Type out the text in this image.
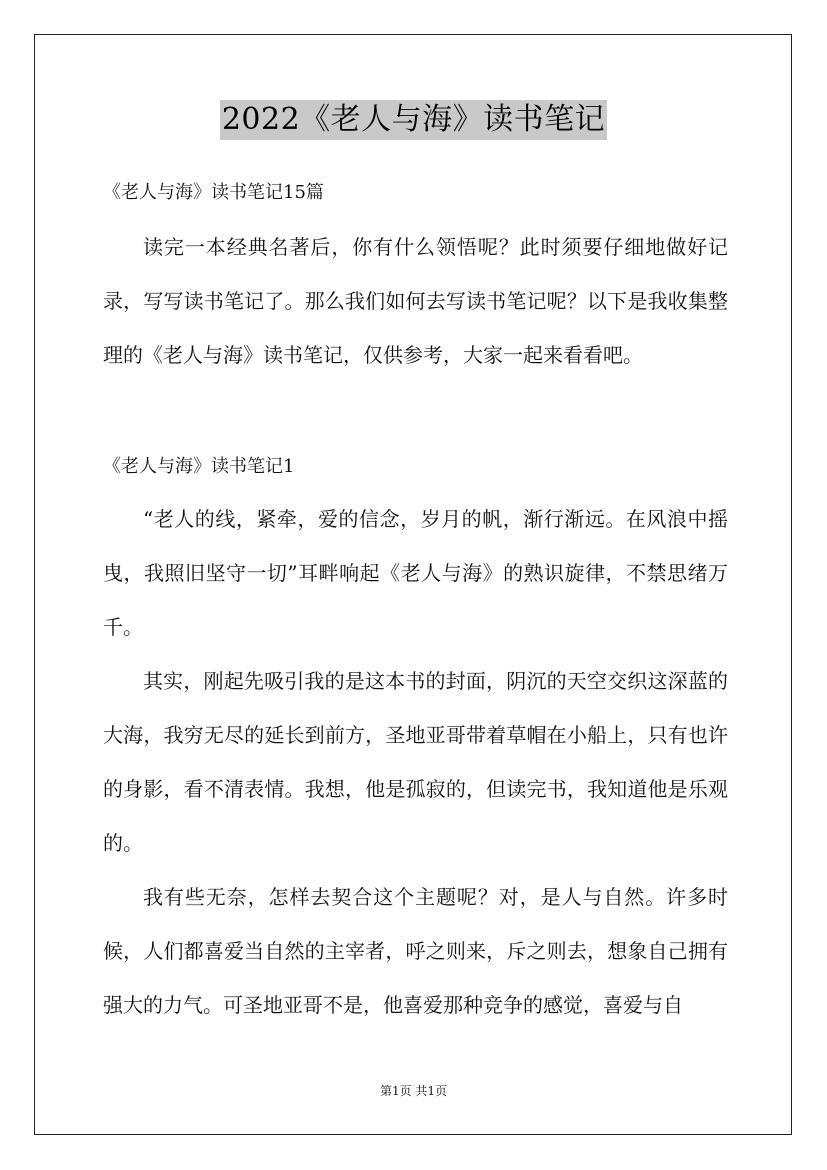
2022《老人与海》读书笔记
《老人与海》读书笔记15篇

读完一本经典名著后，你有什么领悟呢？此时须要仔细地做好记录，写写读书笔记了。那么我们如何去写读书笔记呢？以下是我收集整理的《老人与海》读书笔记，仅供参考，大家一起来看看吧。

《老人与海》读书笔记1

“老人的线，紧牵，爱的信念，岁月的帆，渐行渐远。在风浪中摇曳，我照旧坚守一切”耳畔响起《老人与海》的熟识旋律，不禁思绪万千。

其实，刚起先吸引我的是这本书的封面，阴沉的天空交织这深蓝的大海，我穷无尽的延长到前方，圣地亚哥带着草帽在小船上，只有也许的身影，看不清表情。我想，他是孤寂的，但读完书，我知道他是乐观的。

我有些无奈，怎样去契合这个主题呢？对，是人与自然。许多时候，人们都喜爱当自然的主宰者，呼之则来，斥之则去，想象自己拥有强大的力气。可圣地亚哥不是，他喜爱那种竞争的感觉，喜爱与自

第1页 共1页
